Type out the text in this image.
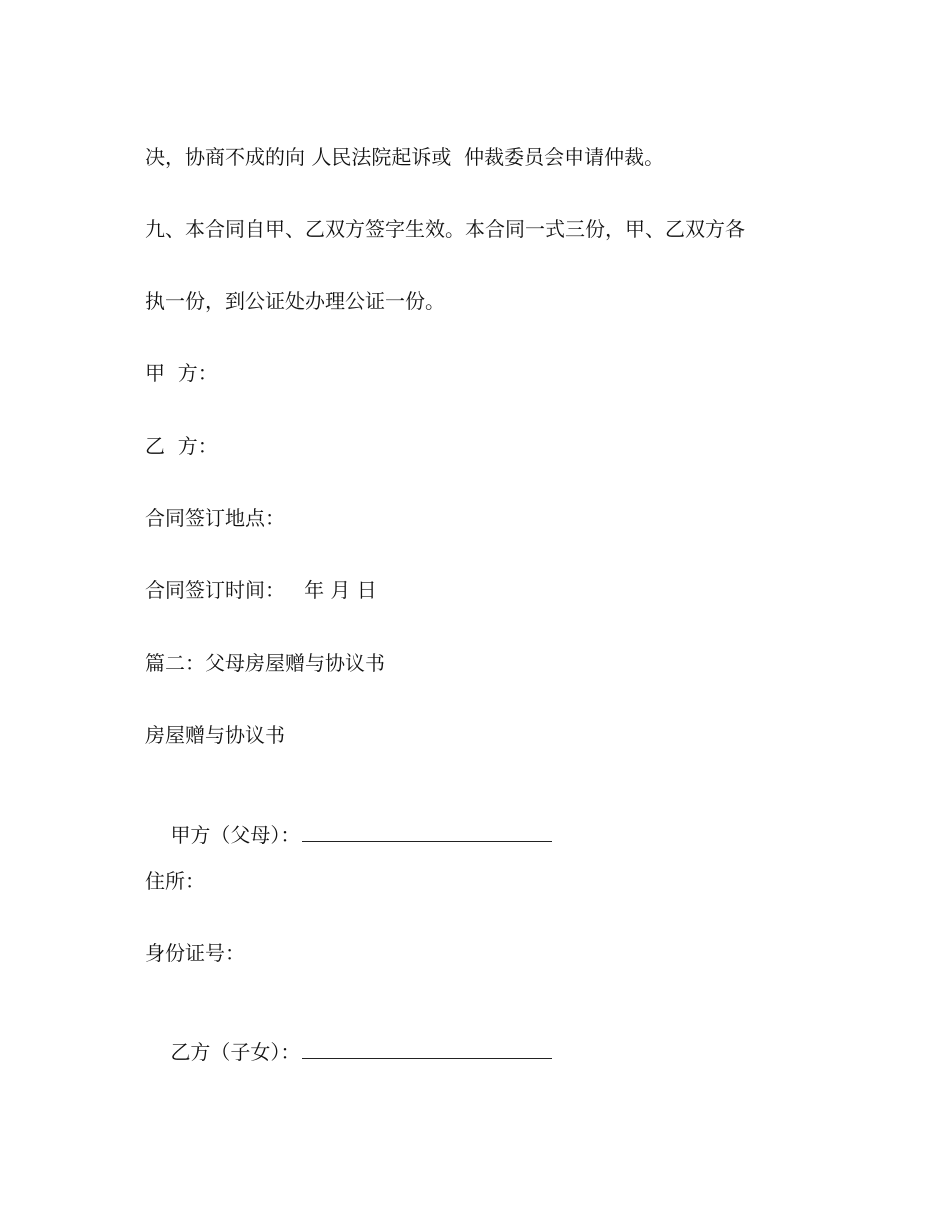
决，协商不成的向 人民法院起诉或  仲裁委员会申请仲裁。
九、本合同自甲、乙双方签字生效。本合同一式三份，甲、乙双方各
执一份，到公证处办理公证一份。
甲  方：
乙  方：
合同签订地点：
合同签订时间：   年 月 日
篇二：父母房屋赠与协议书
房屋赠与协议书

甲方（父母）：

住所：
身份证号：

乙方（子女）：
